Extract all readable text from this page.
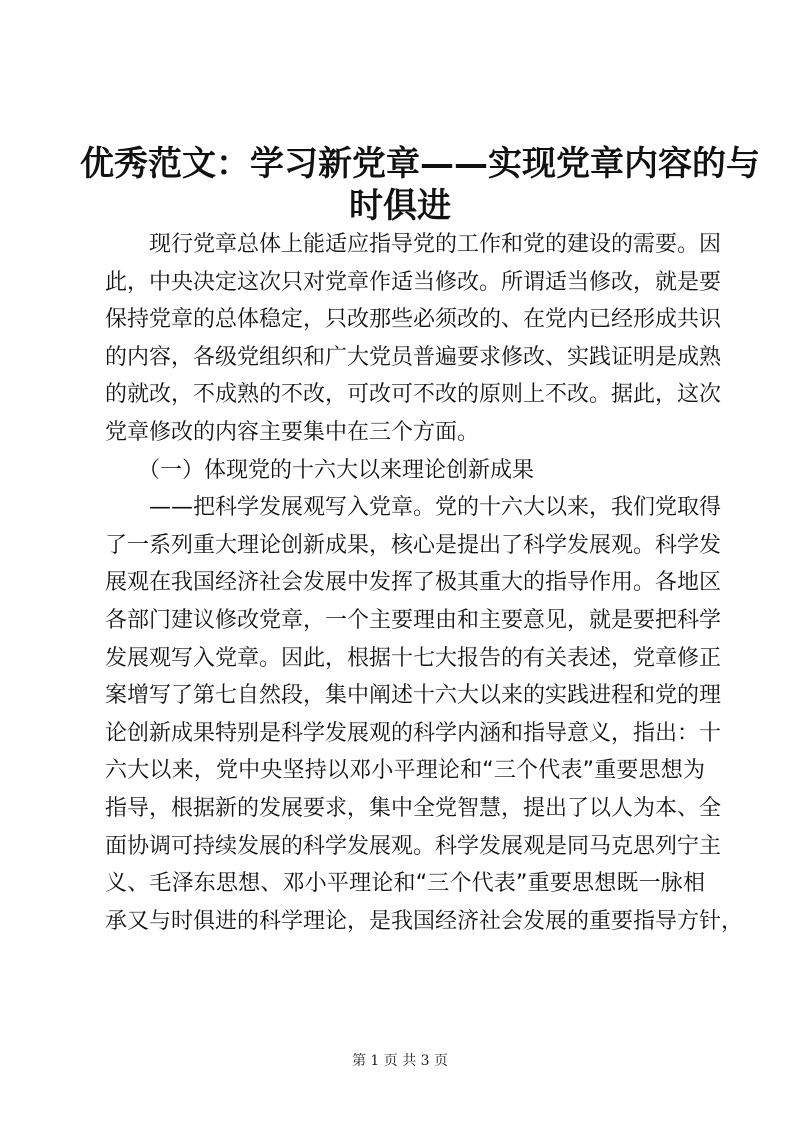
优秀范文：学习新党章——实现党章内容的与
时俱进
　　现行党章总体上能适应指导党的工作和党的建设的需要。因
此，中央决定这次只对党章作适当修改。所谓适当修改，就是要
保持党章的总体稳定，只改那些必须改的、在党内已经形成共识
的内容，各级党组织和广大党员普遍要求修改、实践证明是成熟
的就改，不成熟的不改，可改可不改的原则上不改。据此，这次
党章修改的内容主要集中在三个方面。
　　（一）体现党的十六大以来理论创新成果
　　——把科学发展观写入党章。党的十六大以来，我们党取得
了一系列重大理论创新成果，核心是提出了科学发展观。科学发
展观在我国经济社会发展中发挥了极其重大的指导作用。各地区
各部门建议修改党章，一个主要理由和主要意见，就是要把科学
发展观写入党章。因此，根据十七大报告的有关表述，党章修正
案增写了第七自然段，集中阐述十六大以来的实践进程和党的理
论创新成果特别是科学发展观的科学内涵和指导意义，指出：十
六大以来，党中央坚持以邓小平理论和“三个代表”重要思想为
指导，根据新的发展要求，集中全党智慧，提出了以人为本、全
面协调可持续发展的科学发展观。科学发展观是同马克思列宁主
义、毛泽东思想、邓小平理论和“三个代表”重要思想既一脉相
承又与时俱进的科学理论，是我国经济社会发展的重要指导方针，
第 1 页 共 3 页
